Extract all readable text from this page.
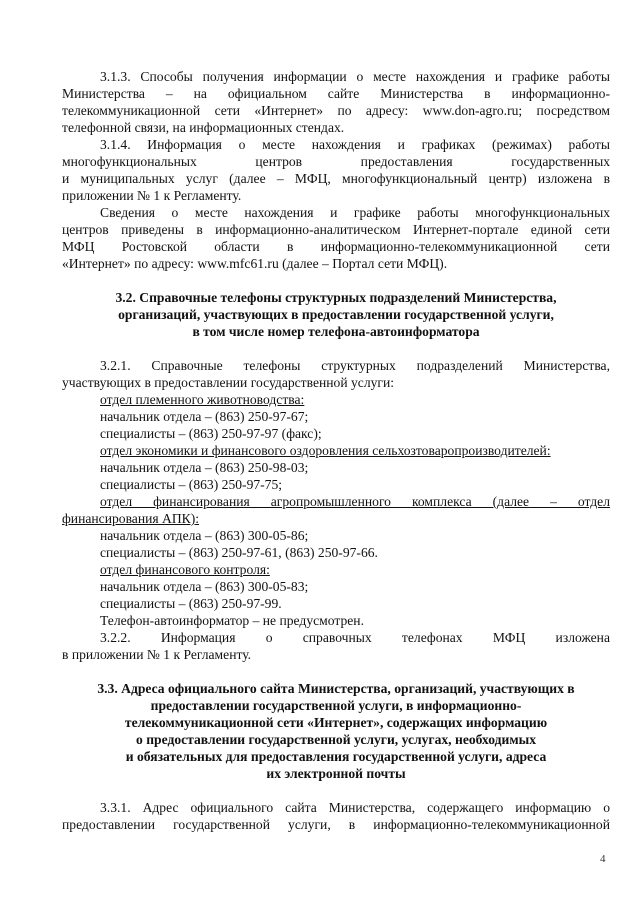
3.1.3. Способы получения информации о месте нахождения и графике работы
Министерства – на официальном сайте Министерства в информационно-
телекоммуникационной сети «Интернет» по адресу: www.don-agro.ru; посредством
телефонной связи, на информационных стендах.
3.1.4. Информация о месте нахождения и графиках (режимах) работы
многофункциональных центров предоставления государственных
и муниципальных услуг (далее – МФЦ, многофункциональный центр) изложена в
приложении № 1 к Регламенту.
Сведения о месте нахождения и графике работы многофункциональных
центров приведены в информационно-аналитическом Интернет-портале единой сети
МФЦ Ростовской области в информационно-телекоммуникационной сети
«Интернет» по адресу: www.mfc61.ru (далее – Портал сети МФЦ).
3.2. Справочные телефоны структурных подразделений Министерства,
организаций, участвующих в предоставлении государственной услуги,
в том числе номер телефона-автоинформатора
3.2.1. Справочные телефоны структурных подразделений Министерства,
участвующих в предоставлении государственной услуги:
отдел племенного животноводства:
начальник отдела – (863) 250-97-67;
специалисты – (863) 250-97-97 (факс);
отдел экономики и финансового оздоровления сельхозтоваропроизводителей:
начальник отдела – (863) 250-98-03;
специалисты – (863) 250-97-75;
отдел финансирования агропромышленного комплекса (далее – отдел
финансирования АПК):
начальник отдела – (863) 300-05-86;
специалисты – (863) 250-97-61, (863) 250-97-66.
отдел финансового контроля:
начальник отдела – (863) 300-05-83;
специалисты – (863) 250-97-99.
Телефон-автоинформатор – не предусмотрен.
3.2.2. Информация о справочных телефонах МФЦ изложена
в приложении № 1 к Регламенту.
3.3. Адреса официального сайта Министерства, организаций, участвующих в
предоставлении государственной услуги, в информационно-
телекоммуникационной сети «Интернет», содержащих информацию
о предоставлении государственной услуги, услугах, необходимых
и обязательных для предоставления государственной услуги, адреса
их электронной почты
3.3.1. Адрес официального сайта Министерства, содержащего информацию о
предоставлении государственной услуги, в информационно-телекоммуникационной
4
